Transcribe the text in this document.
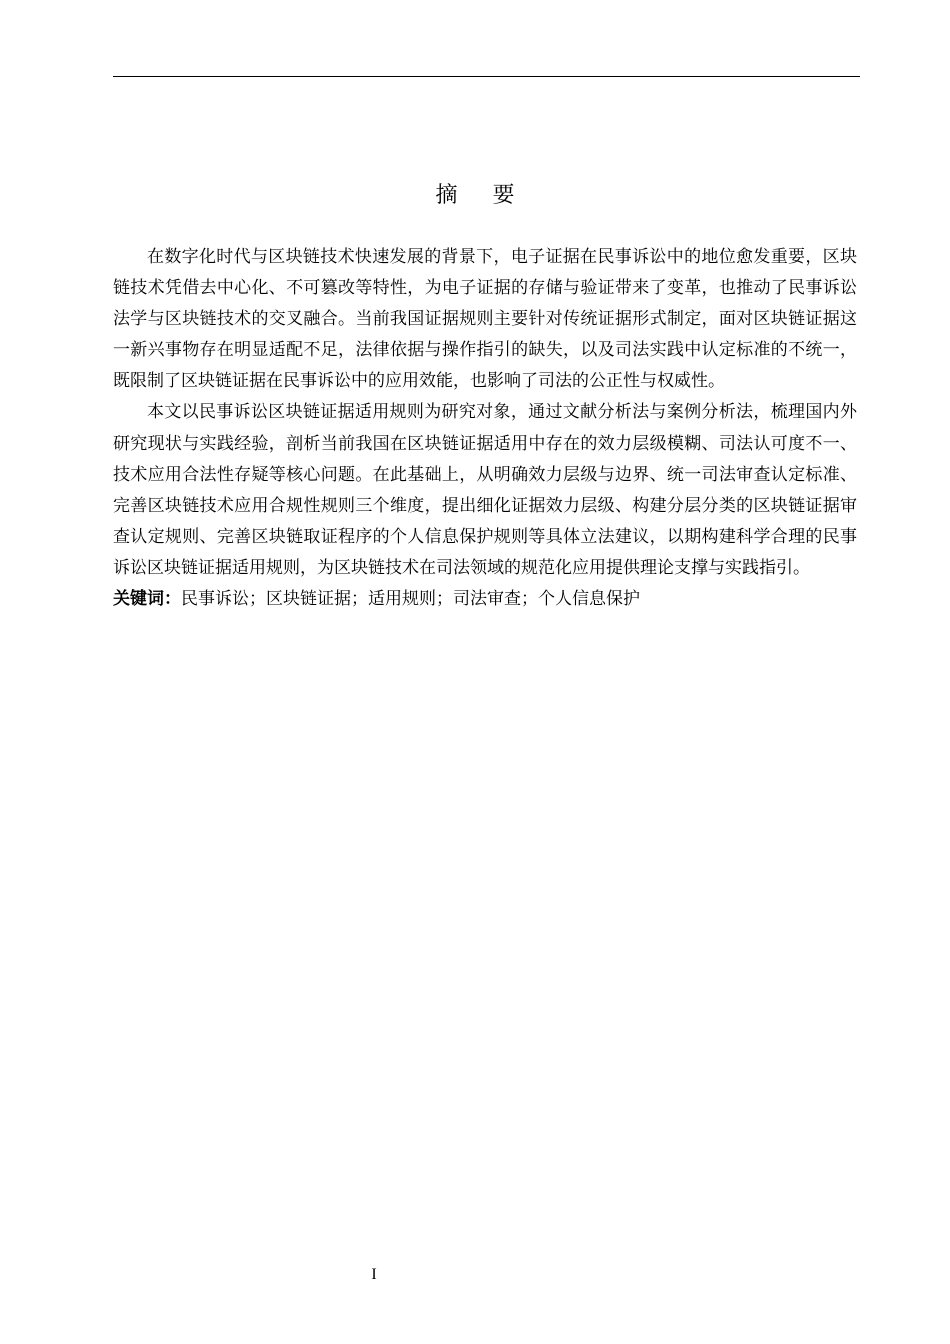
摘 要

在数字化时代与区块链技术快速发展的背景下，电子证据在民事诉讼中的地位愈发重要，区块链技术凭借去中心化、不可篡改等特性，为电子证据的存储与验证带来了变革，也推动了民事诉讼法学与区块链技术的交叉融合。当前我国证据规则主要针对传统证据形式制定，面对区块链证据这一新兴事物存在明显适配不足，法律依据与操作指引的缺失，以及司法实践中认定标准的不统一，既限制了区块链证据在民事诉讼中的应用效能，也影响了司法的公正性与权威性。

本文以民事诉讼区块链证据适用规则为研究对象，通过文献分析法与案例分析法，梳理国内外研究现状与实践经验，剖析当前我国在区块链证据适用中存在的效力层级模糊、司法认可度不一、技术应用合法性存疑等核心问题。在此基础上，从明确效力层级与边界、统一司法审查认定标准、完善区块链技术应用合规性规则三个维度，提出细化证据效力层级、构建分层分类的区块链证据审查认定规则、完善区块链取证程序的个人信息保护规则等具体立法建议，以期构建科学合理的民事诉讼区块链证据适用规则，为区块链技术在司法领域的规范化应用提供理论支撑与实践指引。

关键词：民事诉讼；区块链证据；适用规则；司法审查；个人信息保护

I
